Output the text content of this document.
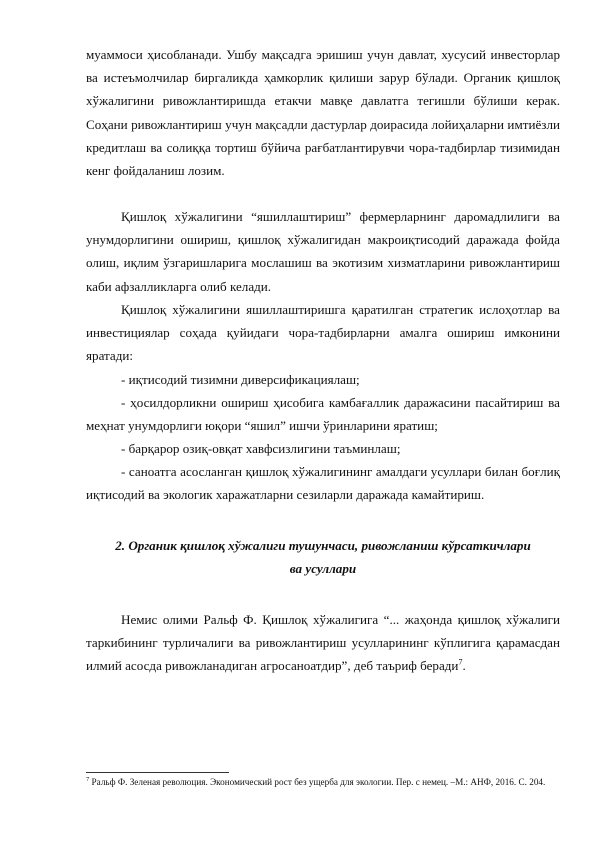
муаммоси ҳисобланади. Ушбу мақсадга эришиш учун давлат, хусусий инвесторлар ва истеъмолчилар биргаликда ҳамкорлик қилиши зарур бўлади. Органик қишлоқ хўжалигини ривожлантиришда етакчи мавқе давлатга тегишли бўлиши керак. Соҳани ривожлантириш учун мақсадли дастурлар доирасида лойиҳаларни имтиёзли кредитлаш ва солиққа тортиш бўйича рағбатлантирувчи чора-тадбирлар тизимидан кенг фойдаланиш лозим.

Қишлоқ хўжалигини “яшиллаштириш” фермерларнинг даромадлилиги ва унумдорлигини ошириш, қишлоқ хўжалигидан макроиқтисодий даражада фойда олиш, иқлим ўзгаришларига мослашиш ва экотизим хизматларини ривожлантириш каби афзалликларга олиб келади.

Қишлоқ хўжалигини яшиллаштиришга қаратилган стратегик ислоҳотлар ва инвестициялар соҳада қуйидаги чора-тадбирларни амалга ошириш имконини яратади:

- иқтисодий тизимни диверсификациялаш;

- ҳосилдорликни ошириш ҳисобига камбағаллик даражасини пасайтириш ва меҳнат унумдорлиги юқори “яшил” ишчи ўринларини яратиш;

- барқарор озиқ-овқат хавфсизлигини таъминлаш;

- саноатга асосланган қишлоқ хўжалигининг амалдаги усуллари билан боғлиқ иқтисодий ва экологик харажатларни сезиларли даражада камайтириш.

2. Органик қишлоқ хўжалиги тушунчаси, ривожланиш кўрсаткичлари

ва усуллари

Немис олими Ральф Ф. Қишлоқ хўжалигига “... жаҳонда қишлоқ хўжалиги таркибининг турличалиги ва ривожлантириш усулларининг кўплигига қарамасдан илмий асосда ривожланадиган агросаноатдир”, деб таъриф беради$^7$.

$^7$ Ральф Ф. Зеленая революция. Экономический рост без ущерба для экологии. Пер. с немец. –М.: АНФ, 2016. С. 204.
